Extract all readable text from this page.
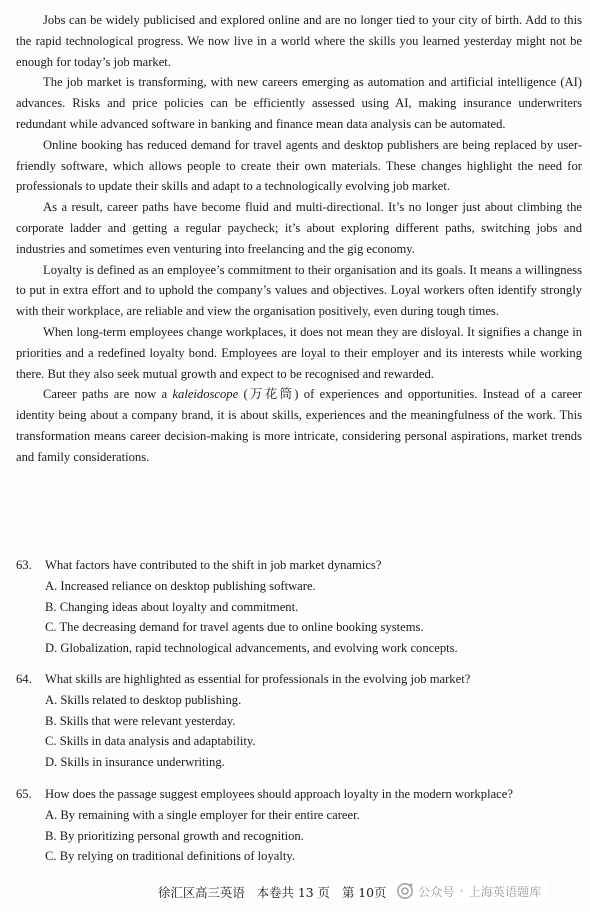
Jobs can be widely publicised and explored online and are no longer tied to your city of birth. Add to this the rapid technological progress. We now live in a world where the skills you learned yesterday might not be enough for today’s job market.

The job market is transforming, with new careers emerging as automation and artificial intelligence (AI) advances. Risks and price policies can be efficiently assessed using AI, making insurance underwriters redundant while advanced software in banking and finance mean data analysis can be automated.

Online booking has reduced demand for travel agents and desktop publishers are being replaced by user-friendly software, which allows people to create their own materials. These changes highlight the need for professionals to update their skills and adapt to a technologically evolving job market.

As a result, career paths have become fluid and multi-directional. It’s no longer just about climbing the corporate ladder and getting a regular paycheck; it’s about exploring different paths, switching jobs and industries and sometimes even venturing into freelancing and the gig economy.

Loyalty is defined as an employee’s commitment to their organisation and its goals. It means a willingness to put in extra effort and to uphold the company’s values and objectives. Loyal workers often identify strongly with their workplace, are reliable and view the organisation positively, even during tough times.

When long-term employees change workplaces, it does not mean they are disloyal. It signifies a change in priorities and a redefined loyalty bond. Employees are loyal to their employer and its interests while working there. But they also seek mutual growth and expect to be recognised and rewarded.

Career paths are now a kaleidoscope (万花筒) of experiences and opportunities. Instead of a career identity being about a company brand, it is about skills, experiences and the meaningfulness of the work. This transformation means career decision-making is more intricate, considering personal aspirations, market trends and family considerations.

63.	What factors have contributed to the shift in job market dynamics?
A. Increased reliance on desktop publishing software.
B. Changing ideas about loyalty and commitment.
C. The decreasing demand for travel agents due to online booking systems.
D. Globalization, rapid technological advancements, and evolving work concepts.
64.	What skills are highlighted as essential for professionals in the evolving job market?
A. Skills related to desktop publishing.
B. Skills that were relevant yesterday.
C. Skills in data analysis and adaptability.
D. Skills in insurance underwriting.
65.	How does the passage suggest employees should approach loyalty in the modern workplace?
A. By remaining with a single employer for their entire career.
B. By prioritizing personal growth and recognition.
C. By relying on traditional definitions of loyalty.
徐汇区高三英语 本卷共 13 页 第 10页	公众号 · 上海英语题库
